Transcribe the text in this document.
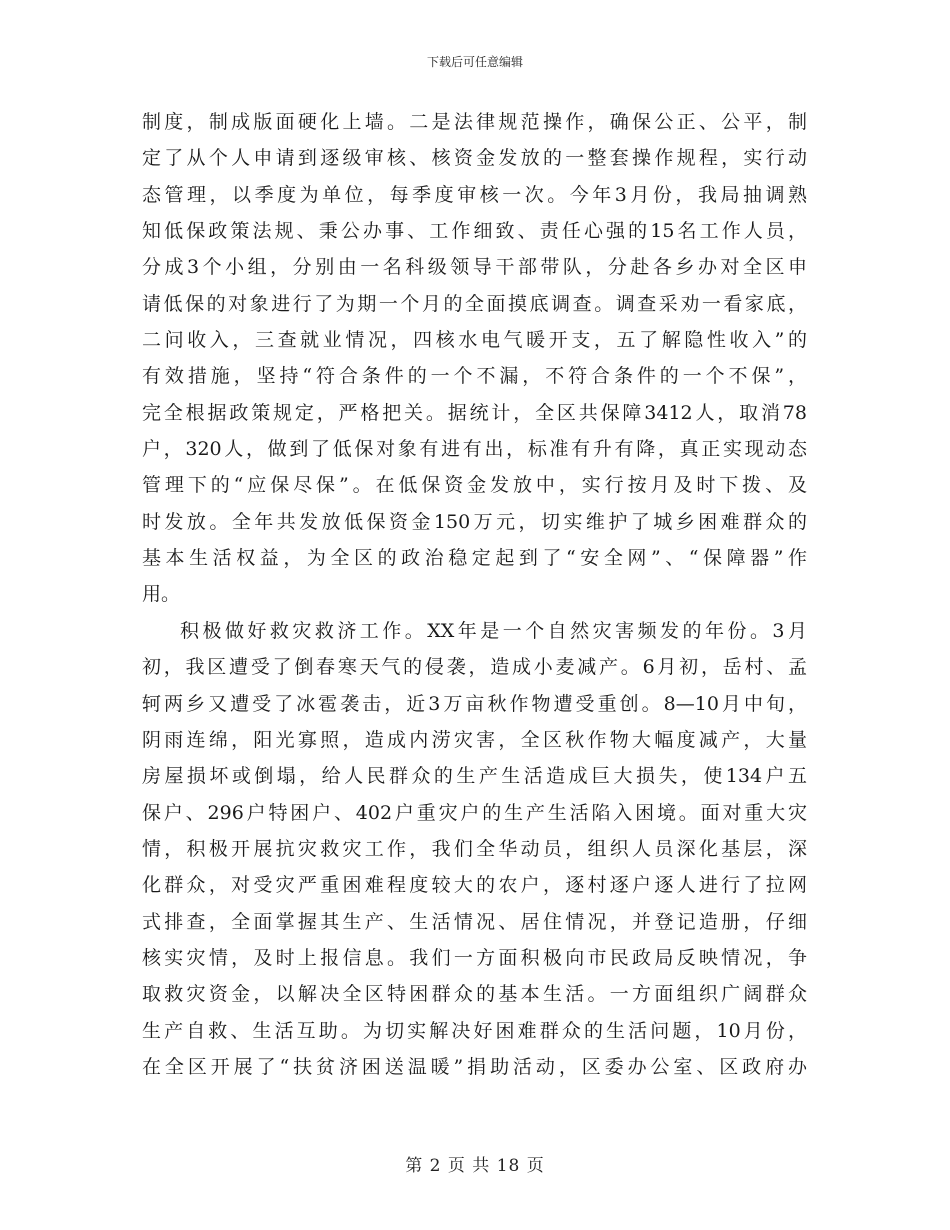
下载后可任意编辑
制度，制成版面硬化上墙。二是法律规范操作，确保公正、公平，制
定了从个人申请到逐级审核、核资金发放的一整套操作规程，实行动
态管理，以季度为单位，每季度审核一次。今年3月份，我局抽调熟
知低保政策法规、秉公办事、工作细致、责任心强的15名工作人员，
分成3个小组，分别由一名科级领导干部带队，分赴各乡办对全区申
请低保的对象进行了为期一个月的全面摸底调查。调查采劝一看家底，
二问收入，三查就业情况，四核水电气暖开支，五了解隐性收入”的
有效措施，坚持“符合条件的一个不漏，不符合条件的一个不保”，
完全根据政策规定，严格把关。据统计，全区共保障3412人，取消78
户，320人，做到了低保对象有进有出，标准有升有降，真正实现动态
管理下的“应保尽保”。在低保资金发放中，实行按月及时下拨、及
时发放。全年共发放低保资金150万元，切实维护了城乡困难群众的
基本生活权益，为全区的政治稳定起到了“安全网”、“保障器”作
用。
积极做好救灾救济工作。XX年是一个自然灾害频发的年份。3月
初，我区遭受了倒春寒天气的侵袭，造成小麦减产。6月初，岳村、孟
轲两乡又遭受了冰雹袭击，近3万亩秋作物遭受重创。8—10月中旬，
阴雨连绵，阳光寡照，造成内涝灾害，全区秋作物大幅度减产，大量
房屋损坏或倒塌，给人民群众的生产生活造成巨大损失，使134户五
保户、296户特困户、402户重灾户的生产生活陷入困境。面对重大灾
情，积极开展抗灾救灾工作，我们全华动员，组织人员深化基层，深
化群众，对受灾严重困难程度较大的农户，逐村逐户逐人进行了拉网
式排查，全面掌握其生产、生活情况、居住情况，并登记造册，仔细
核实灾情，及时上报信息。我们一方面积极向市民政局反映情况，争
取救灾资金，以解决全区特困群众的基本生活。一方面组织广阔群众
生产自救、生活互助。为切实解决好困难群众的生活问题，10月份，
在全区开展了“扶贫济困送温暖”捐助活动，区委办公室、区政府办
第 2 页 共 18 页
